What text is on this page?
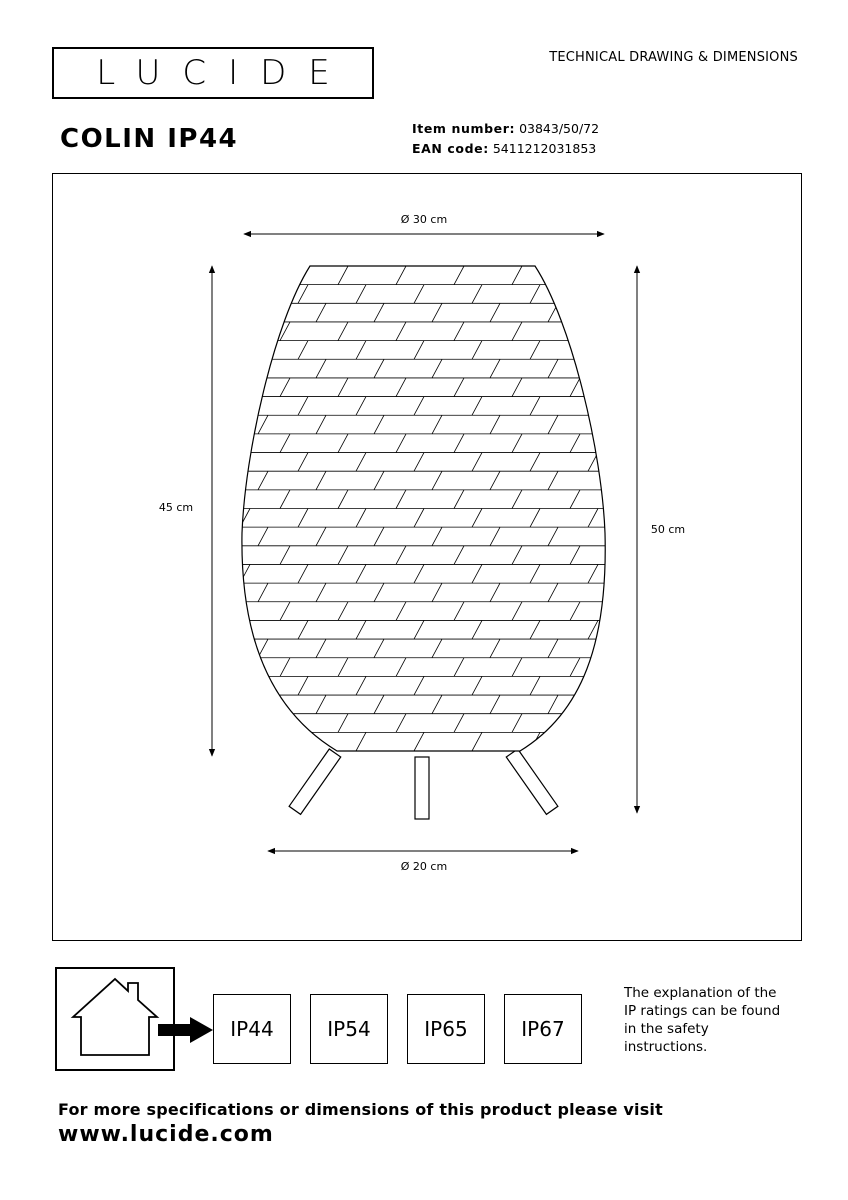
LUCIDE	TECHNICAL DRAWING & DIMENSIONS
COLIN IP44	Item number: 03843/50/72
EAN code: 5411212031853
Ø 30 cm
45 cm
50 cm
Ø 20 cm
IP44	IP54	IP65	IP67
The explanation of the
IP ratings can be found
in the safety
instructions.
For more specifications or dimensions of this product please visit
www.lucide.com
